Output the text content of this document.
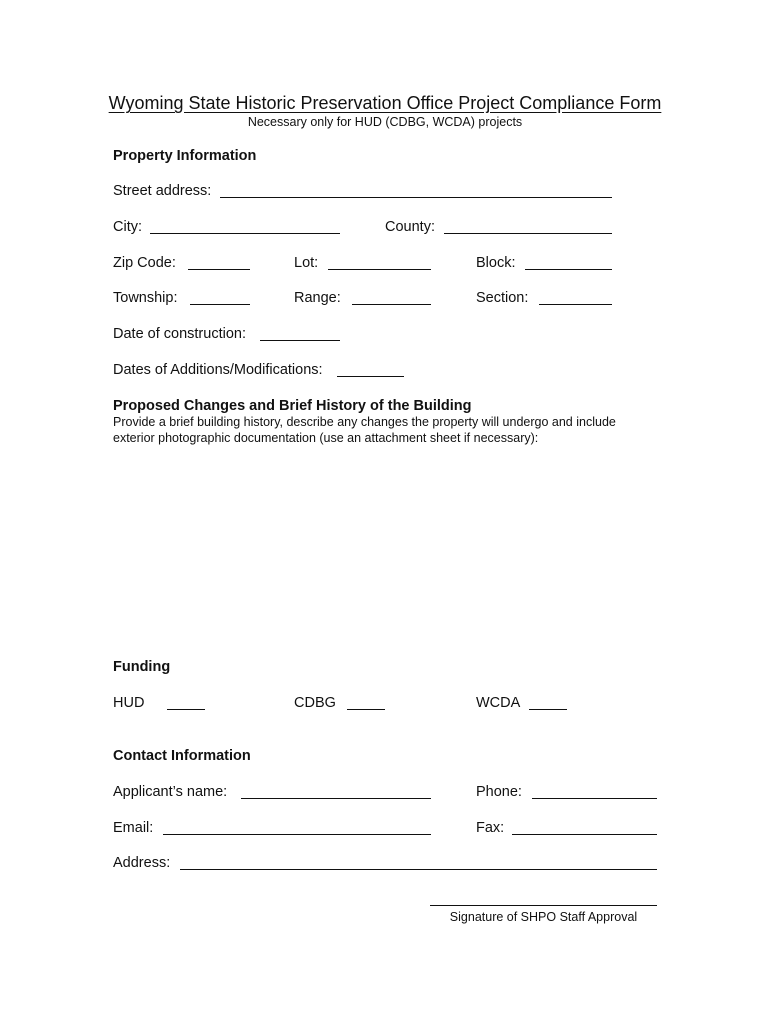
Wyoming State Historic Preservation Office Project Compliance Form
Necessary only for HUD (CDBG, WCDA) projects
Property Information
Street address:
City:	County:
Zip Code:	Lot:	Block:
Township:	Range:	Section:
Date of construction:
Dates of Additions/Modifications:
Proposed Changes and Brief History of the Building
Provide a brief building history, describe any changes the property will undergo and include
exterior photographic documentation (use an attachment sheet if necessary):
Funding
HUD	CDBG	WCDA
Contact Information
Applicant’s name:	Phone:
Email:	Fax:
Address:
Signature of SHPO Staff Approval
